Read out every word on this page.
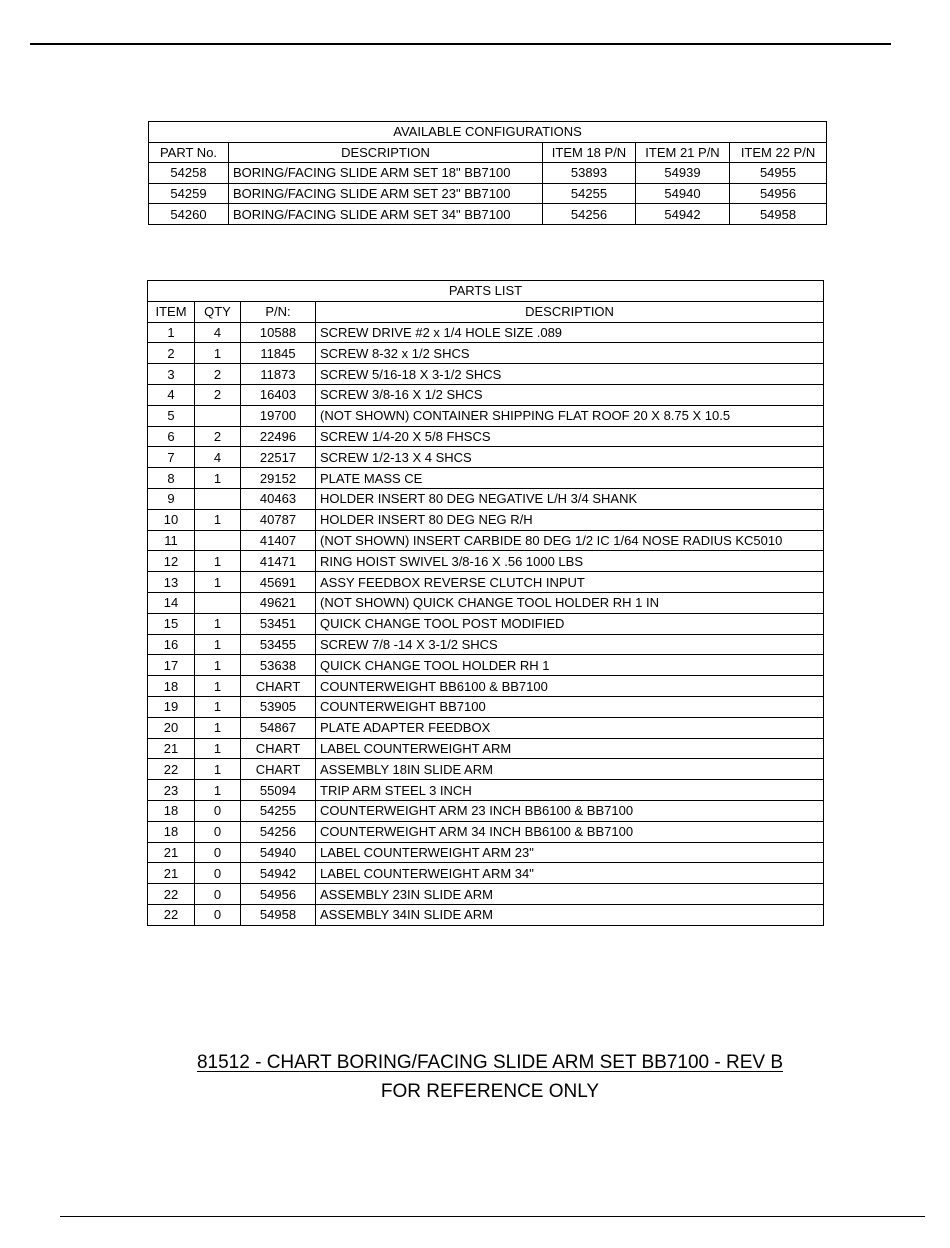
AVAILABLE CONFIGURATIONS				
PART No.	DESCRIPTION	ITEM 18 P/N	ITEM 21 P/N	ITEM 22 P/N
54258	BORING/FACING SLIDE ARM SET 18" BB7100	53893	54939	54955
54259	BORING/FACING SLIDE ARM SET 23" BB7100	54255	54940	54956
54260	BORING/FACING SLIDE ARM SET 34" BB7100	54256	54942	54958
PARTS LIST			
ITEM	QTY	P/N:	DESCRIPTION
1	4	10588	SCREW DRIVE #2 x 1/4 HOLE SIZE .089
2	1	11845	SCREW 8-32 x 1/2 SHCS
3	2	11873	SCREW 5/16-18 X 3-1/2 SHCS
4	2	16403	SCREW 3/8-16 X 1/2 SHCS
5		19700	(NOT SHOWN) CONTAINER SHIPPING FLAT ROOF 20 X 8.75 X 10.5
6	2	22496	SCREW 1/4-20 X 5/8 FHSCS
7	4	22517	SCREW 1/2-13 X 4 SHCS
8	1	29152	PLATE MASS CE
9		40463	HOLDER INSERT 80 DEG NEGATIVE L/H 3/4 SHANK
10	1	40787	HOLDER INSERT 80 DEG NEG R/H
11		41407	(NOT SHOWN) INSERT CARBIDE 80 DEG 1/2 IC 1/64 NOSE RADIUS KC5010
12	1	41471	RING HOIST SWIVEL 3/8-16 X .56 1000 LBS
13	1	45691	ASSY FEEDBOX REVERSE CLUTCH INPUT
14		49621	(NOT SHOWN) QUICK CHANGE TOOL HOLDER RH 1 IN
15	1	53451	QUICK CHANGE TOOL POST MODIFIED
16	1	53455	SCREW 7/8 -14 X 3-1/2 SHCS
17	1	53638	QUICK CHANGE TOOL HOLDER RH 1
18	1	CHART	COUNTERWEIGHT BB6100 & BB7100
19	1	53905	COUNTERWEIGHT BB7100
20	1	54867	PLATE ADAPTER FEEDBOX
21	1	CHART	LABEL COUNTERWEIGHT ARM
22	1	CHART	ASSEMBLY 18IN SLIDE ARM
23	1	55094	TRIP ARM STEEL 3 INCH
18	0	54255	COUNTERWEIGHT ARM 23 INCH BB6100 & BB7100
18	0	54256	COUNTERWEIGHT ARM 34 INCH BB6100 & BB7100
21	0	54940	LABEL COUNTERWEIGHT ARM 23"
21	0	54942	LABEL COUNTERWEIGHT ARM 34"
22	0	54956	ASSEMBLY 23IN SLIDE ARM
22	0	54958	ASSEMBLY 34IN SLIDE ARM
81512 - CHART BORING/FACING SLIDE ARM SET BB7100 - REV B
FOR REFERENCE ONLY
